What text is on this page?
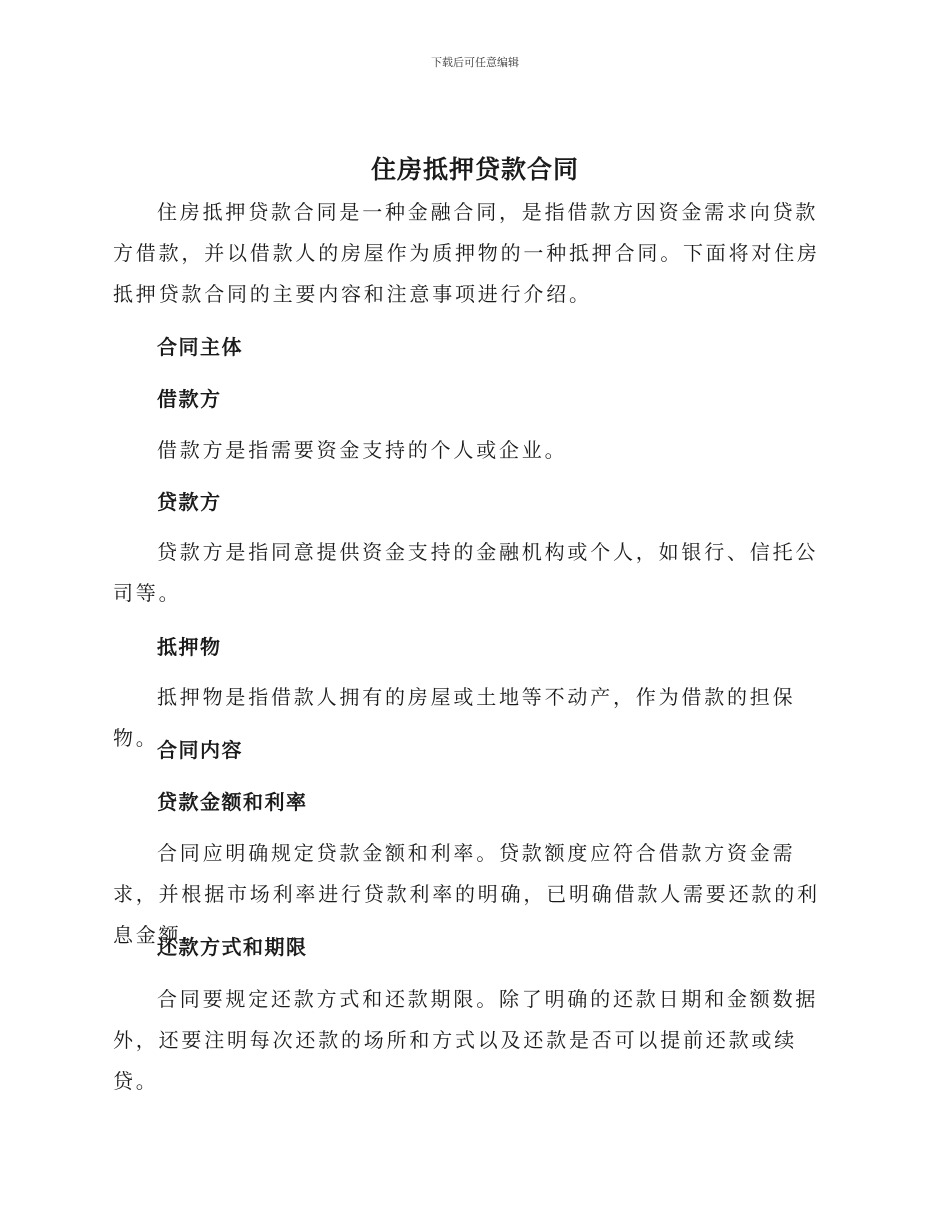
下载后可任意编辑
住房抵押贷款合同

住房抵押贷款合同是一种金融合同，是指借款方因资金需求向贷款方借款，并以借款人的房屋作为质押物的一种抵押合同。下面将对住房抵押贷款合同的主要内容和注意事项进行介绍。

合同主体
借款方

借款方是指需要资金支持的个人或企业。

贷款方

贷款方是指同意提供资金支持的金融机构或个人，如银行、信托公司等。

抵押物

抵押物是指借款人拥有的房屋或土地等不动产，作为借款的担保物。

合同内容
贷款金额和利率

合同应明确规定贷款金额和利率。贷款额度应符合借款方资金需求，并根据市场利率进行贷款利率的明确，已明确借款人需要还款的利息金额。

还款方式和期限

合同要规定还款方式和还款期限。除了明确的还款日期和金额数据外，还要注明每次还款的场所和方式以及还款是否可以提前还款或续贷。
